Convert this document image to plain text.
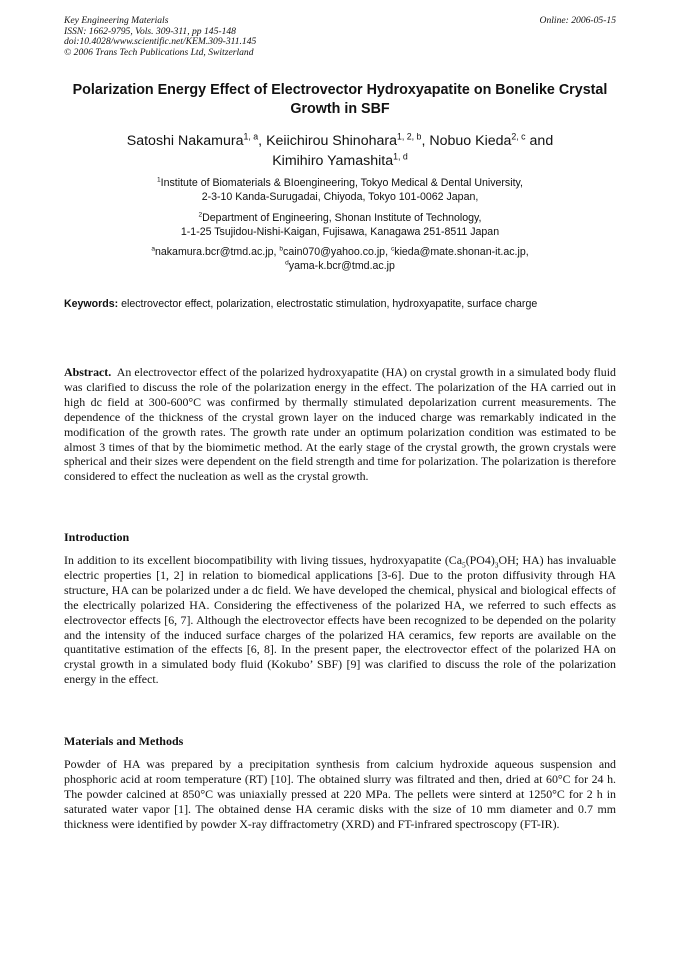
Key Engineering Materials
ISSN: 1662-9795, Vols. 309-311, pp 145-148
doi:10.4028/www.scientific.net/KEM.309-311.145
© 2006 Trans Tech Publications Ltd, Switzerland
Online: 2006-05-15
Polarization Energy Effect of Electrovector Hydroxyapatite on Bonelike Crystal Growth in SBF
Satoshi Nakamura$^{1, a}$, Keiichirou Shinohara$^{1, 2, b}$, Nobuo Kieda$^{2, c}$ and
Kimihiro Yamashita$^{1, d}$
$^1$Institute of Biomaterials & BIoengineering, Tokyo Medical & Dental University,
2-3-10 Kanda-Surugadai, Chiyoda, Tokyo 101-0062 Japan,
$^2$Department of Engineering, Shonan Institute of Technology,
1-1-25 Tsujidou-Nishi-Kaigan, Fujisawa, Kanagawa 251-8511 Japan
$^a$nakamura.bcr@tmd.ac.jp, $^b$cain070@yahoo.co.jp, $^c$kieda@mate.shonan-it.ac.jp,
$^d$yama-k.bcr@tmd.ac.jp
Keywords: electrovector effect, polarization, electrostatic stimulation, hydroxyapatite, surface charge
Abstract. An electrovector effect of the polarized hydroxyapatite (HA) on crystal growth in a simulated body fluid was clarified to discuss the role of the polarization energy in the effect. The polarization of the HA carried out in high dc field at 300-600°C was confirmed by thermally stimulated depolarization current measurements. The dependence of the thickness of the crystal grown layer on the induced charge was remarkably indicated in the modification of the growth rates. The growth rate under an optimum polarization condition was estimated to be almost 3 times of that by the biomimetic method. At the early stage of the crystal growth, the grown crystals were spherical and their sizes were dependent on the field strength and time for polarization. The polarization is therefore considered to effect the nucleation as well as the crystal growth.
Introduction
In addition to its excellent biocompatibility with living tissues, hydroxyapatite ($Ca_5(PO4)_3OH$; HA) has invaluable electric properties [1, 2] in relation to biomedical applications [3-6]. Due to the proton diffusivity through HA structure, HA can be polarized under a dc field. We have developed the chemical, physical and biological effects of the electrically polarized HA. Considering the effectiveness of the polarized HA, we referred to such effects as electrovector effects [6, 7]. Although the electrovector effects have been recognized to be depended on the polarity and the intensity of the induced surface charges of the polarized HA ceramics, few reports are available on the quantitative estimation of the effects [6, 8]. In the present paper, the electrovector effect of the polarized HA on crystal growth in a simulated body fluid (Kokubo’ SBF) [9] was clarified to discuss the role of the polarization energy in the effect.
Materials and Methods
Powder of HA was prepared by a precipitation synthesis from calcium hydroxide aqueous suspension and phosphoric acid at room temperature (RT) [10]. The obtained slurry was filtrated and then, dried at 60°C for 24 h. The powder calcined at 850°C was uniaxially pressed at 220 MPa. The pellets were sinterd at 1250°C for 2 h in saturated water vapor [1]. The obtained dense HA ceramic disks with the size of 10 mm diameter and 0.7 mm thickness were identified by powder X-ray diffractometry (XRD) and FT-infrared spectroscopy (FT-IR).
